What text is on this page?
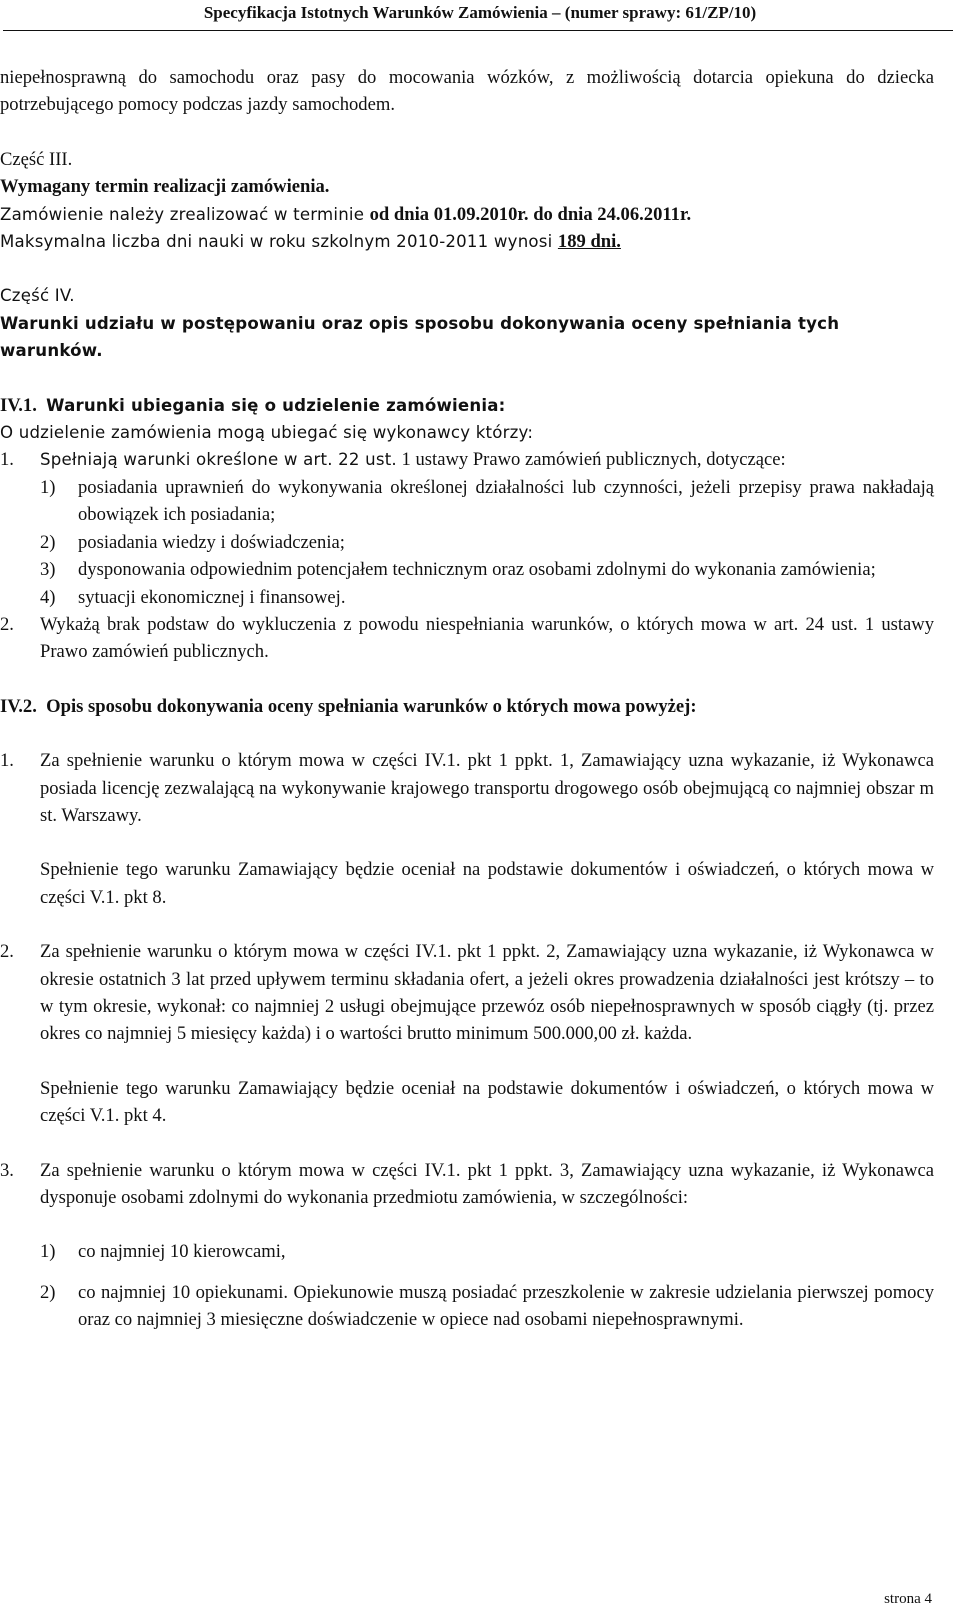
Specyfikacja Istotnych Warunków Zamówienia – (numer sprawy: 61/ZP/10)

niepełnosprawną do samochodu oraz pasy do mocowania wózków, z możliwością dotarcia opiekuna do dziecka potrzebującego pomocy podczas jazdy samochodem.

Część III.

Wymagany termin realizacji zamówienia.

Zamówienie należy zrealizować w terminie od dnia 01.09.2010r. do dnia 24.06.2011r.

Maksymalna liczba dni nauki w roku szkolnym 2010-2011 wynosi 189 dni.

Część IV.

Warunki udziału w postępowaniu oraz opis sposobu dokonywania oceny spełniania tych warunków.

IV.1. Warunki ubiegania się o udzielenie zamówienia:

O udzielenie zamówienia mogą ubiegać się wykonawcy którzy:

1. Spełniają warunki określone w art. 22 ust. 1 ustawy Prawo zamówień publicznych, dotyczące:
1) posiadania uprawnień do wykonywania określonej działalności lub czynności, jeżeli przepisy prawa nakładają obowiązek ich posiadania;
2) posiadania wiedzy i doświadczenia;
3) dysponowania odpowiednim potencjałem technicznym oraz osobami zdolnymi do wykonania zamówienia;
4) sytuacji ekonomicznej i finansowej.
2. Wykażą brak podstaw do wykluczenia z powodu niespełniania warunków, o których mowa w art. 24 ust. 1 ustawy Prawo zamówień publicznych.

IV.2. Opis sposobu dokonywania oceny spełniania warunków o których mowa powyżej:

1. Za spełnienie warunku o którym mowa w części IV.1. pkt 1 ppkt. 1, Zamawiający uzna wykazanie, iż Wykonawca posiada licencję zezwalającą na wykonywanie krajowego transportu drogowego osób obejmującą co najmniej obszar m st. Warszawy.

Spełnienie tego warunku Zamawiający będzie oceniał na podstawie dokumentów i oświadczeń, o których mowa w części V.1. pkt 8.

2. Za spełnienie warunku o którym mowa w części IV.1. pkt 1 ppkt. 2, Zamawiający uzna wykazanie, iż Wykonawca w okresie ostatnich 3 lat przed upływem terminu składania ofert, a jeżeli okres prowadzenia działalności jest krótszy – to w tym okresie, wykonał: co najmniej 2 usługi obejmujące przewóz osób niepełnosprawnych w sposób ciągły (tj. przez okres co najmniej 5 miesięcy każda) i o wartości brutto minimum 500.000,00 zł. każda.

Spełnienie tego warunku Zamawiający będzie oceniał na podstawie dokumentów i oświadczeń, o których mowa w części V.1. pkt 4.

3. Za spełnienie warunku o którym mowa w części IV.1. pkt 1 ppkt. 3, Zamawiający uzna wykazanie, iż Wykonawca dysponuje osobami zdolnymi do wykonania przedmiotu zamówienia, w szczególności:
1) co najmniej 10 kierowcami,
2) co najmniej 10 opiekunami. Opiekunowie muszą posiadać przeszkolenie w zakresie udzielania pierwszej pomocy oraz co najmniej 3 miesięczne doświadczenie w opiece nad osobami niepełnosprawnymi.
strona 4
